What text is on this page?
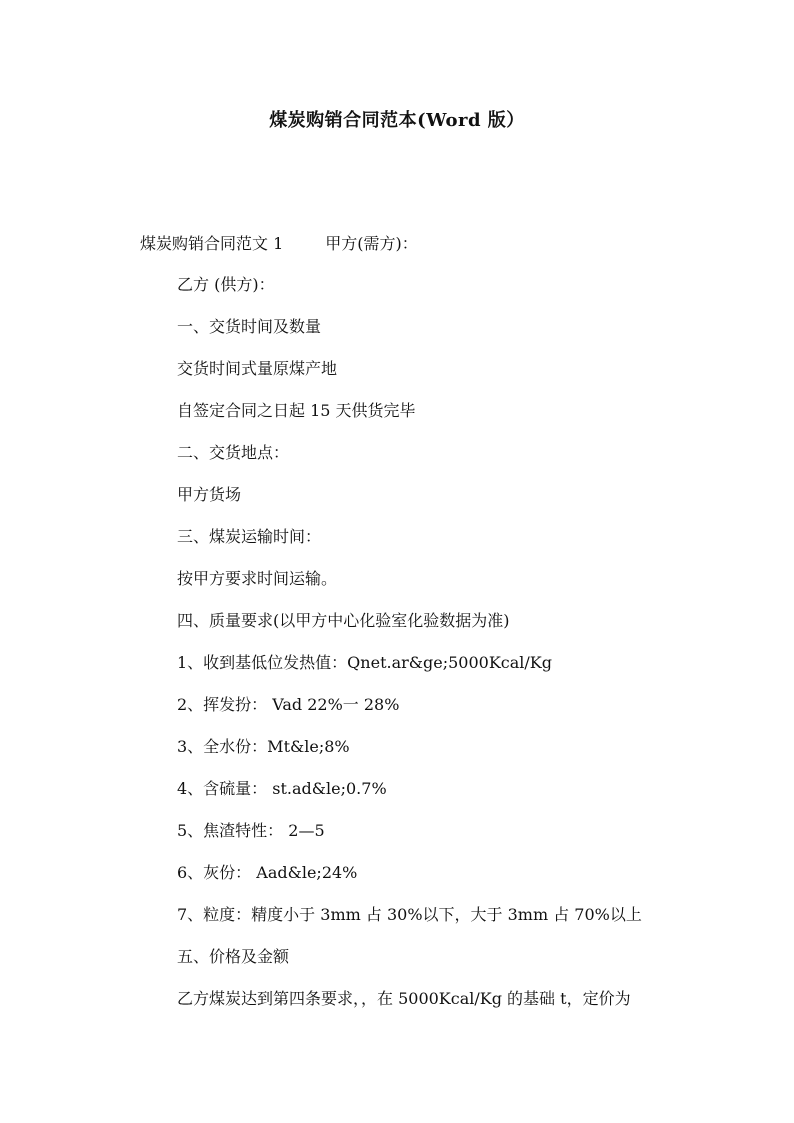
煤炭购销合同范本(Word 版）
煤炭购销合同范文 1	甲方(需方)：
乙方 (供方)：
一、交货时间及数量
交货时间式量原煤产地
自签定合同之日起 15 天供货完毕
二、交货地点：
甲方货场
三、煤炭运输时间：
按甲方要求时间运输。
四、质量要求(以甲方中心化验室化验数据为准)
1、收到基低位发热值：Qnet.ar&ge;5000Kcal/Kg
2、挥发扮： Vad 22%一 28%
3、全水份：Mt&le;8%
4、含硫量： st.ad&le;0.7%
5、焦渣特性： 2—5
6、灰份： Aad&le;24%
7、粒度：精度小于 3mm 占 30%以下，大于 3mm 占 70%以上
五、价格及金额
乙方煤炭达到第四条要求，，在 5000Kcal/Kg 的基础 t，定价为
